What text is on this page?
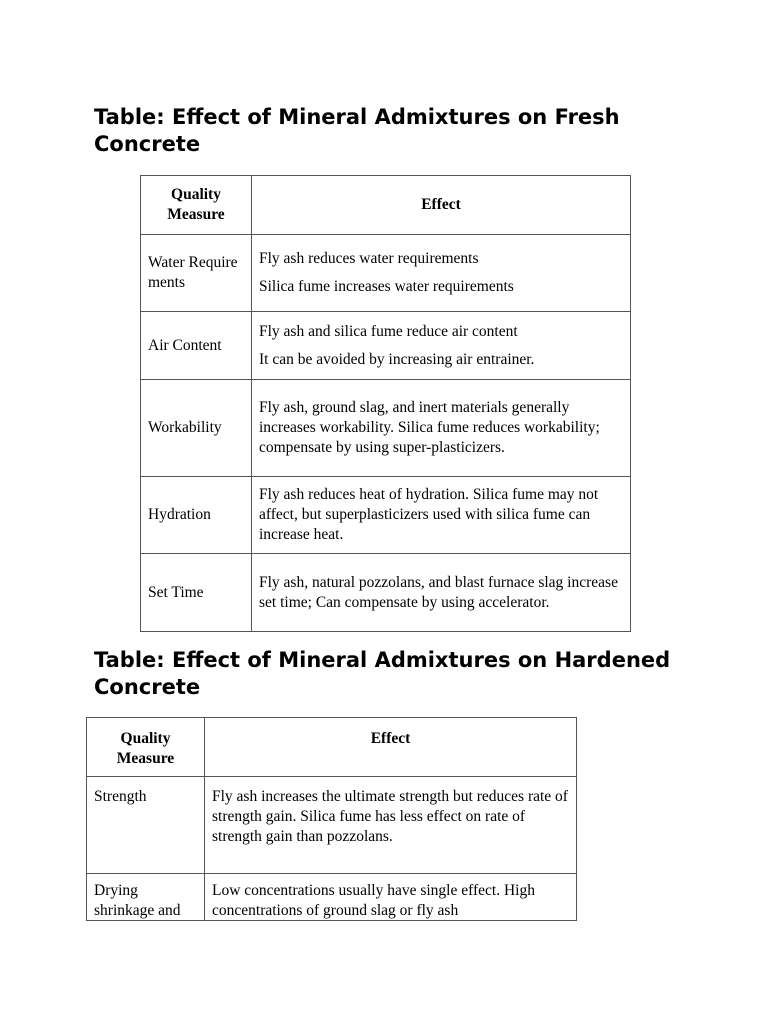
Table: Effect of Mineral Admixtures on Fresh Concrete
Quality Measure	Effect
Water Requirements	Fly ash reduces water requirements

Silica fume increases water requirements

Air Content	Fly ash and silica fume reduce air content

It can be avoided by increasing air entrainer.

Workability	Fly ash, ground slag, and inert materials generally increases workability. Silica fume reduces workability; compensate by using super-plasticizers.

Hydration	Fly ash reduces heat of hydration. Silica fume may not affect, but superplasticizers used with silica fume can increase heat.

Set Time	Fly ash, natural pozzolans, and blast furnace slag increase set time; Can compensate by using accelerator.

Table: Effect of Mineral Admixtures on Hardened Concrete
Quality Measure	Effect
Strength	Fly ash increases the ultimate strength but reduces rate of strength gain. Silica fume has less effect on rate of strength gain than pozzolans.

Drying shrinkage and	Low concentrations usually have single effect. High concentrations of ground slag or fly ash
